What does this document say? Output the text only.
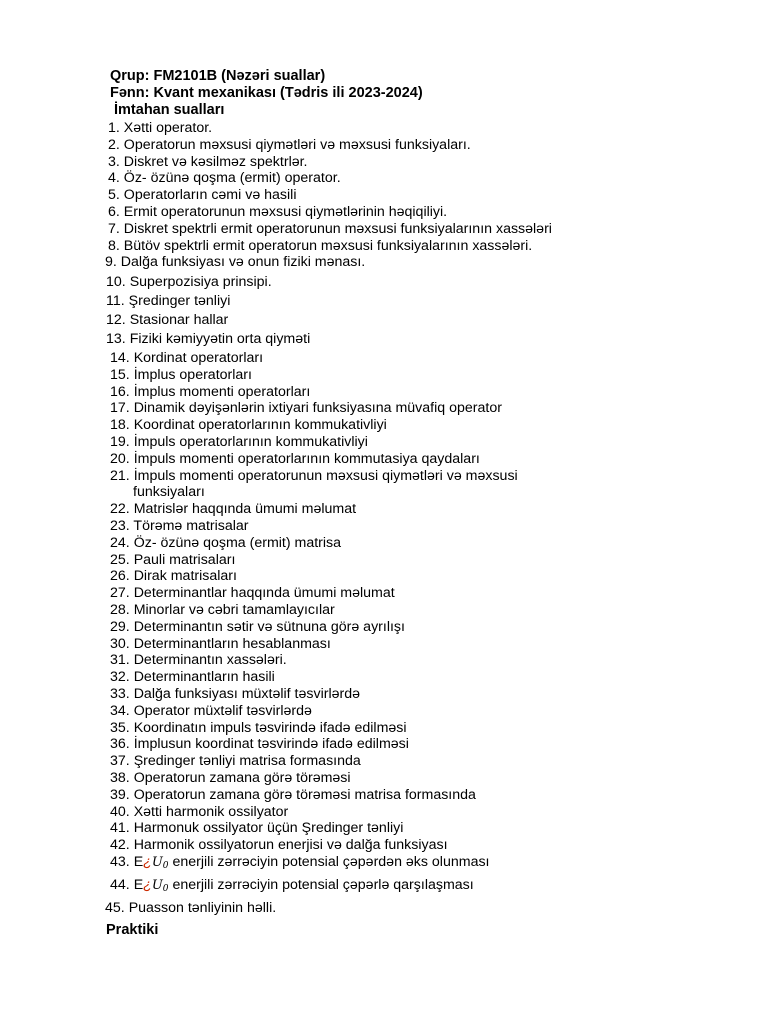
Qrup: FM2101B (Nəzəri suallar)
Fənn: Kvant mexanikası (Tədris ili 2023-2024)
İmtahan sualları
1. Xətti operator.
2. Operatorun məxsusi qiymətləri və məxsusi funksiyaları.
3. Diskret və kəsilməz spektrlər.
4. Öz- özünə qoşma (ermit) operator.
5. Operatorların cəmi və hasili
6. Ermit operatorunun məxsusi qiymətlərinin həqiqiliyi.
7. Diskret spektrli ermit operatorunun məxsusi funksiyalarının xassələri
8. Bütöv spektrli ermit operatorun məxsusi funksiyalarının xassələri.
9. Dalğa funksiyası və onun fiziki mənası.
10. Superpozisiya prinsipi.
11. Şredinger tənliyi
12. Stasionar hallar
13. Fiziki kəmiyyətin orta qiyməti
14. Kordinat operatorları
15. İmplus operatorları
16. İmplus momenti operatorları
17. Dinamik dəyişənlərin ixtiyari funksiyasına müvafiq operator
18. Koordinat operatorlarının kommukativliyi
19. İmpuls operatorlarının kommukativliyi
20. İmpuls momenti operatorlarının kommutasiya qaydaları
21. İmpuls momenti operatorunun məxsusi qiymətləri və məxsusi
funksiyaları
22. Matrislər haqqında ümumi məlumat
23. Törəmə matrisalar
24. Öz- özünə qoşma (ermit) matrisa
25. Pauli matrisaları
26. Dirak matrisaları
27. Determinantlar haqqında ümumi məlumat
28. Minorlar və cəbri tamamlayıcılar
29. Determinantın sətir və sütnuna görə ayrılışı
30. Determinantların hesablanması
31. Determinantın xassələri.
32. Determinantların hasili
33. Dalğa funksiyası müxtəlif təsvirlərdə
34. Operator müxtəlif təsvirlərdə
35. Koordinatın impuls təsvirində ifadə edilməsi
36. İmplusun koordinat təsvirində ifadə edilməsi
37. Şredinger tənliyi matrisa formasında
38. Operatorun zamana görə törəməsi
39. Operatorun zamana görə törəməsi matrisa formasında
40. Xətti harmonik ossilyator
41. Harmonuk ossilyator üçün Şredinger tənliyi
42. Harmonik ossilyatorun enerjisi və dalğa funksiyası
43. E¿U0 enerjili zərrəciyin potensial çəpərdən əks olunması
44. E¿U0 enerjili zərrəciyin potensial çəpərlə qarşılaşması
45. Puasson tənliyinin həlli.
Praktiki
